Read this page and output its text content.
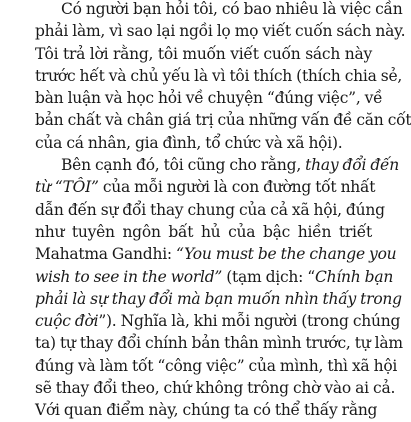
Có người bạn hỏi tôi, có bao nhiêu là việc cần
phải làm, vì sao lại ngồi lọ mọ viết cuốn sách này.
Tôi trả lời rằng, tôi muốn viết cuốn sách này
trước hết và chủ yếu là vì tôi thích (thích chia sẻ,
bàn luận và học hỏi về chuyện “đúng việc”, về
bản chất và chân giá trị của những vấn đề căn cốt
của cá nhân, gia đình, tổ chức và xã hội).
Bên cạnh đó, tôi cũng cho rằng, thay đổi đến
từ “TÔI” của mỗi người là con đường tốt nhất
dẫn đến sự đổi thay chung của cả xã hội, đúng
như tuyên ngôn bất hủ của bậc hiền triết
Mahatma Gandhi: “You must be the change you
wish to see in the world” (tạm dịch: “Chính bạn
phải là sự thay đổi mà bạn muốn nhìn thấy trong
cuộc đời”). Nghĩa là, khi mỗi người (trong chúng
ta) tự thay đổi chính bản thân mình trước, tự làm
đúng và làm tốt “công việc” của mình, thì xã hội
sẽ thay đổi theo, chứ không trông chờ vào ai cả.
Với quan điểm này, chúng ta có thể thấy rằng
